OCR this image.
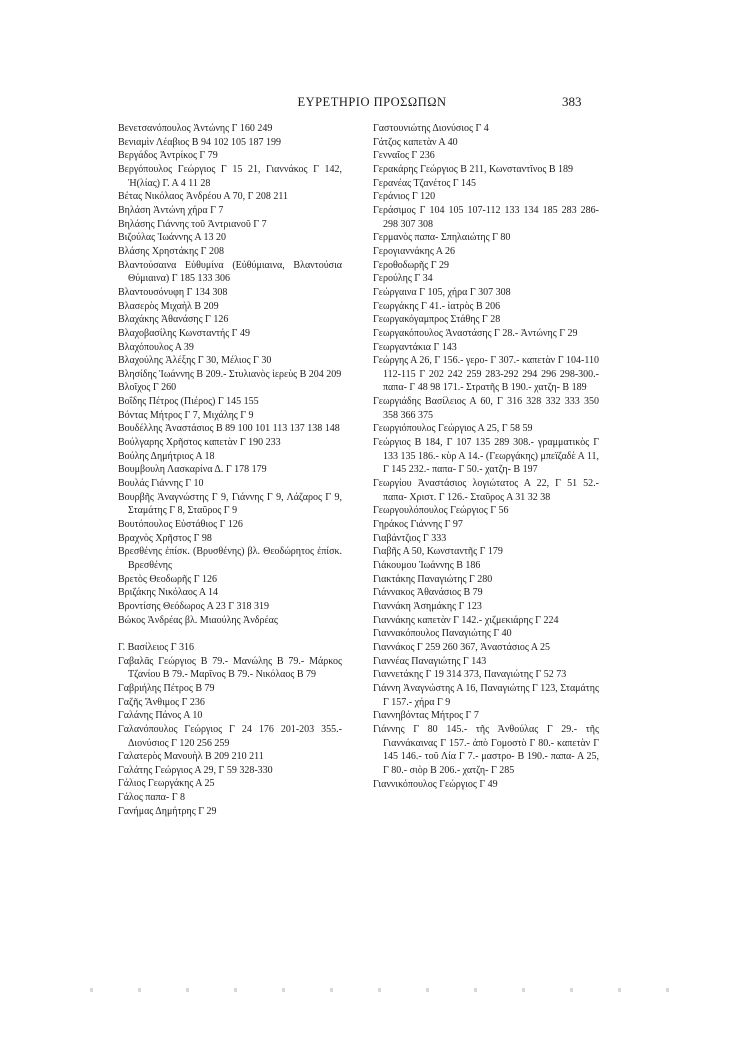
ΕΥΡΕΤΗΡΙΟ ΠΡΟΣΩΠΩΝ	383
Βενετσανόπουλος Ἀντώνης Γ 160 249
Βενιαμὶν Λέαβιος Β 94 102 105 187 199
Βεργάδος Ἀντρίκος Γ 79
Βεργόπουλος Γεώργιος Γ 15 21, Γιαννάκος Γ 142, Ἠ(λίας) Γ. Α 4 11 28
Βέτας Νικόλαος Ἀνδρέου Α 70, Γ 208 211
Βηλάση Ἀντώνη χήρα Γ 7
Βηλάσης Γιάννης τοῦ Ἀντριανοῦ Γ 7
Βιζούλας Ἰωάννης Α 13 20
Βλάσης Χρηστάκης Γ 208
Βλαντούσαινα Εὐθυμίνα (Εὐθύμιαινα, Βλαντούσια Θύμιαινα) Γ 185 133 306
Βλαντουσόνυφη Γ 134 308
Βλασερὸς Μιχαὴλ Β 209
Βλαχάκης Ἀθανάσης Γ 126
Βλαχοβασίλης Κωνσταντής Γ 49
Βλαχόπουλος Α 39
Βλαχούλης Ἀλέξης Γ 30, Μέλιος Γ 30
Βλησίδης Ἰωάννης Β 209.- Στυλιανὸς ἱερεὺς Β 204 209
Βλοῖχος Γ 260
Βοΐδης Πέτρος (Πιέρος) Γ 145 155
Βόντας Μήτρος Γ 7, Μιχάλης Γ 9
Βουδέλλης Ἀναστάσιος Β 89 100 101 113 137 138 148
Βούλγαρης Χρῆστος καπετὰν Γ 190 233
Βούλης Δημήτριος Α 18
Βουμβουλη Λασκαρίνα Δ. Γ 178 179
Βουλάς Γιάννης Γ 10
Βουρβῆς Ἀναγνώστης Γ 9, Γιάννης Γ 9, Λάζαρος Γ 9, Σταμάτης Γ 8, Σταῦρος Γ 9
Βουτόπουλος Εὐστάθιος Γ 126
Βραχνὸς Χρῆστος Γ 98
Βρεσθένης ἐπίσκ. (Βρυσθένης) βλ. Θεοδώρητος ἐπίσκ. Βρεσθένης
Βρετὸς Θεοδωρῆς Γ 126
Βριζάκης Νικόλαος Α 14
Βροντίσης Θεόδωρος Α 23 Γ 318 319
Βώκος Ἀνδρέας βλ. Μιαούλης Ἀνδρέας
Γ. Βασίλειος Γ 316
Γαβαλᾶς Γεώργιος Β 79.- Μανώλης Β 79.- Μάρκος Τζανίου Β 79.- Μαρῖνος Β 79.- Νικόλαος Β 79
Γαβριήλης Πέτρος Β 79
Γαζῆς Ἄνθιμος Γ 236
Γαλάνης Πάνος Α 10
Γαλανόπουλος Γεώργιος Γ 24 176 201-203 355.- Διονύσιος Γ 120 256 259
Γαλατερὸς Μανουὴλ Β 209 210 211
Γαλάτης Γεώργιος Α 29, Γ 59 328-330
Γάλιος Γεωργάκης Α 25
Γάλος παπα- Γ 8
Γανήμας Δημήτρης Γ 29
Γαστουνιώτης Διονύσιος Γ 4
Γάτζος καπετὰν Α 40
Γενναῖος Γ 236
Γερακάρης Γεώργιος Β 211, Κωνσταντῖνος Β 189
Γερανέας Τζανέτος Γ 145
Γεράνιος Γ 120
Γεράσιμος Γ 104 105 107-112 133 134 185 283 286-298 307 308
Γερμανὸς παπα- Σπηλαιώτης Γ 80
Γερογιαννάκης Α 26
Γεροθοδωρῆς Γ 29
Γερούλης Γ 34
Γεώργαινα Γ 105, χήρα Γ 307 308
Γεωργάκης Γ 41.- ἰατρὸς Β 206
Γεωργακόγαμπρος Στάθης Γ 28
Γεωργακόπουλος Ἀναστάσης Γ 28.- Ἀντώνης Γ 29
Γεωργαντάκια Γ 143
Γεώργης Α 26, Γ 156.- γερο- Γ 307.- καπετὰν Γ 104-110 112-115 Γ 202 242 259 283-292 294 296 298-300.- παπα- Γ 48 98 171.- Στρατῆς Β 190.- χατζη- Β 189
Γεωργιάδης Βασίλειος Α 60, Γ 316 328 332 333 350 358 366 375
Γεωργιόπουλος Γεώργιος Α 25, Γ 58 59
Γεώργιος Β 184, Γ 107 135 289 308.- γραμματικὸς Γ 133 135 186.- κὺρ Α 14.- (Γεωργάκης) μπεϊζαδὲ Α 11, Γ 145 232.- παπα- Γ 50.- χατζη- Β 197
Γεωργίου Ἀναστάσιος λογιώτατος Α 22, Γ 51 52.- παπα- Χριστ. Γ 126.- Σταῦρος Α 31 32 38
Γεωργουλόπουλος Γεώργιος Γ 56
Γηράκος Γιάννης Γ 97
Γιαβάντζιος Γ 333
Γιαβῆς Α 50, Κωνσταντῆς Γ 179
Γιάκουμου Ἰωάννης Β 186
Γιακτάκης Παναγιώτης Γ 280
Γιάννακος Ἀθανάσιος Β 79
Γιαννάκη Ἀσημάκης Γ 123
Γιαννάκης καπετὰν Γ 142.- χιζμεκιάρης Γ 224
Γιαννακόπουλος Παναγιώτης Γ 40
Γιαννάκος Γ 259 260 367, Ἀναστάσιος Α 25
Γιαννέας Παναγιώτης Γ 143
Γιαννετάκης Γ 19 314 373, Παναγιώτης Γ 52 73
Γιάννη Ἀναγνώστης Α 16, Παναγιώτης Γ 123, Σταμάτης Γ 157.- χήρα Γ 9
Γιαννηβόντας Μήτρος Γ 7
Γιάννης Γ 80 145.- τῆς Ἀνθούλας Γ 29.- τῆς Γιαννάκαινας Γ 157.- ἀπὸ Γομοστὸ Γ 80.- καπετὰν Γ 145 146.- τοῦ Λία Γ 7.- μαστρο- Β 190.- παπα- Α 25, Γ 80.- σιὸρ Β 206.- χατζη- Γ 285
Γιαννικόπουλος Γεώργιος Γ 49
